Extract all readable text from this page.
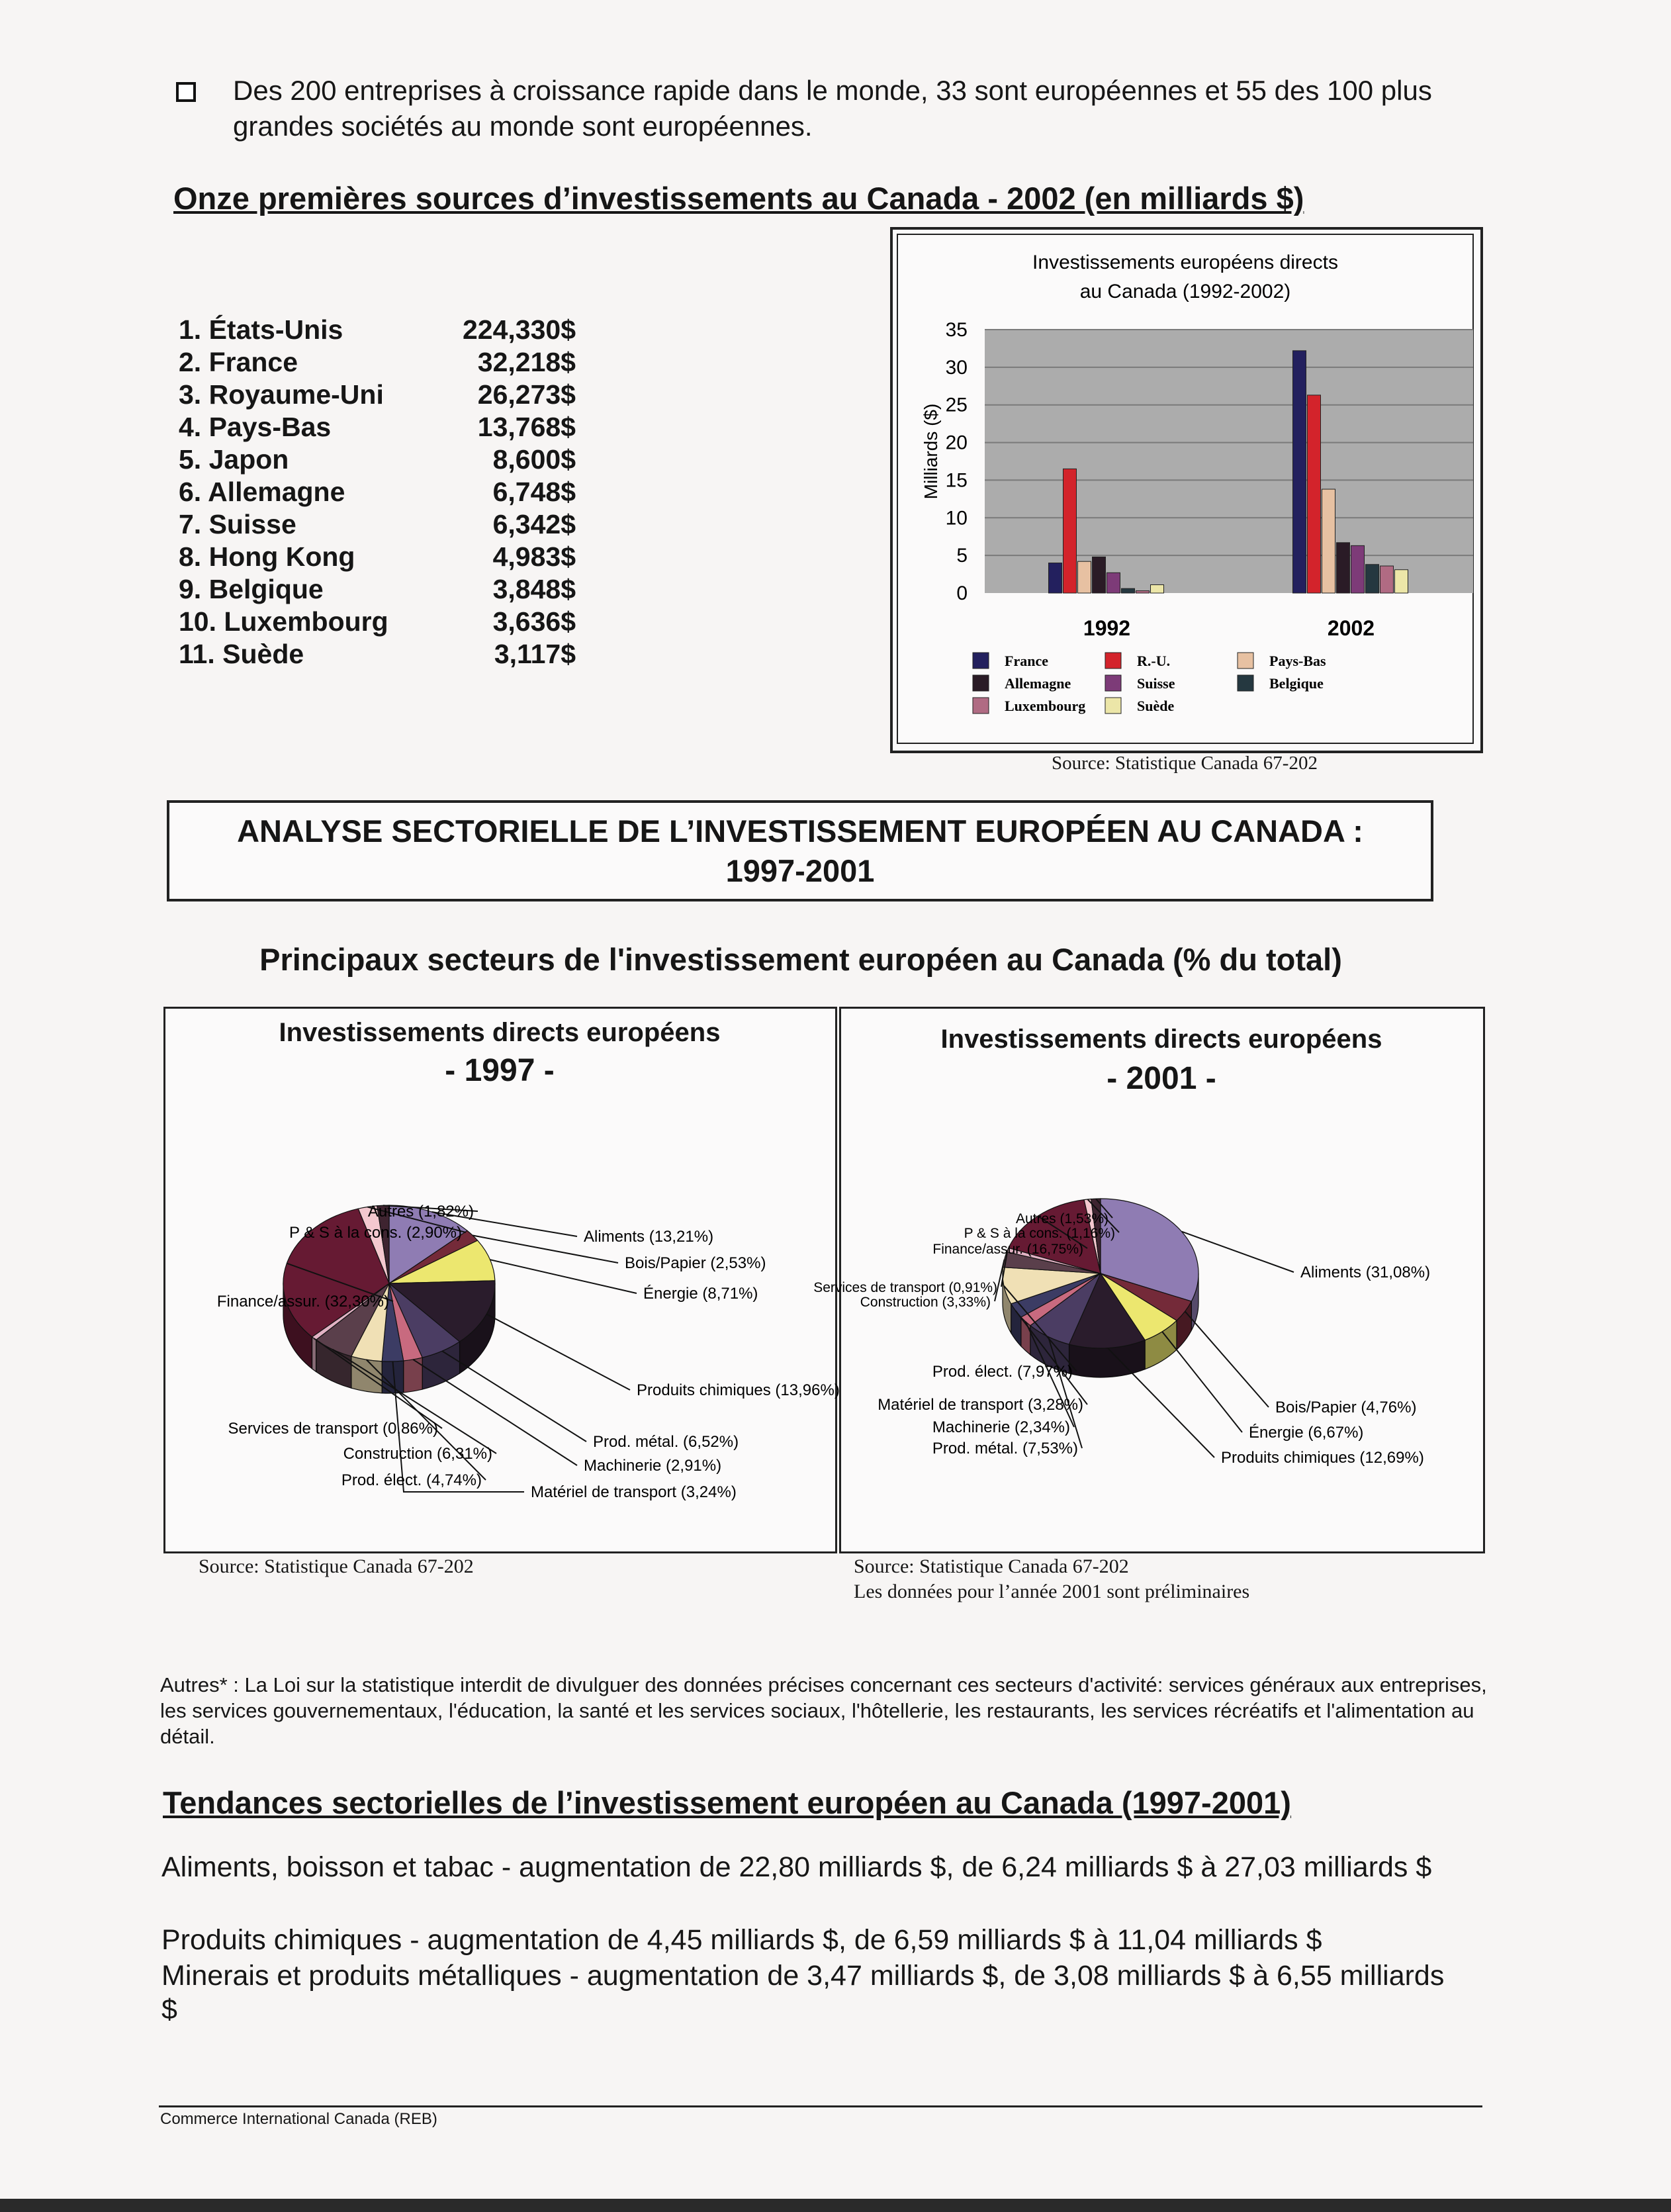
Des 200 entreprises à croissance rapide dans le monde, 33 sont européennes et 55 des 100 plus grandes sociétés au monde sont européennes.
Onze premières sources d’investissements au Canada - 2002 (en milliards $)
1. États-Unis	224,330$
2. France	32,218$
3. Royaume-Uni	26,273$
4. Pays-Bas	13,768$
5. Japon	8,600$
6. Allemagne	6,748$
7. Suisse	6,342$
8. Hong Kong	4,983$
9. Belgique	3,848$
10. Luxembourg	3,636$
11. Suède	3,117$
Investissements européens directs
au Canada (1992-2002)
0
5
10
15
20
25
30
35
Milliards ($)
1992	2002
France
Allemagne
Luxembourg
R.-U.
Suisse
Suède
Pays-Bas
Belgique
Source: Statistique Canada 67-202
ANALYSE SECTORIELLE DE L’INVESTISSEMENT EUROPÉEN AU CANADA :
1997-2001
Principaux secteurs de l'investissement européen au Canada (% du total)
Investissements directs européens
- 1997 -
Investissements directs européens
- 2001 -
Aliments (13,21%)
Bois/Papier (2,53%)
Énergie (8,71%)
Produits chimiques (13,96%)
Prod. métal. (6,52%)
Machinerie (2,91%)
Matériel de transport (3,24%)
Prod. élect. (4,74%)
Construction (6,31%)
Services de transport (0,86%)
Finance/assur. (32,30%)
P & S à la cons. (2,90%)
Autres (1,82%)
Aliments (31,08%)
Bois/Papier (4,76%)
Énergie (6,67%)
Produits chimiques (12,69%)
Prod. métal. (7,53%)
Machinerie (2,34%)
Matériel de transport (3,28%)
Prod. élect. (7,97%)
Construction (3,33%)
Services de transport (0,91%)
Finance/assur. (16,75%)
P & S à la cons. (1,16%)
Autres (1,53%)
Source: Statistique Canada 67-202	Source: Statistique Canada 67-202
Les données pour l’année 2001 sont préliminaires
Autres* : La Loi sur la statistique interdit de divulguer des données précises concernant ces secteurs d'activité: services généraux aux entreprises, les services gouvernementaux, l'éducation, la santé et les services sociaux, l'hôtellerie, les restaurants, les services récréatifs et l'alimentation au détail.
Tendances sectorielles de l’investissement européen au Canada (1997-2001)
Aliments, boisson et tabac - augmentation de 22,80 milliards $, de 6,24 milliards $ à 27,03 milliards $
Produits chimiques - augmentation de 4,45 milliards $, de 6,59 milliards $ à 11,04 milliards $
Minerais et produits métalliques - augmentation de 3,47 milliards $, de 3,08 milliards $ à 6,55 milliards $
Commerce International Canada (REB)
